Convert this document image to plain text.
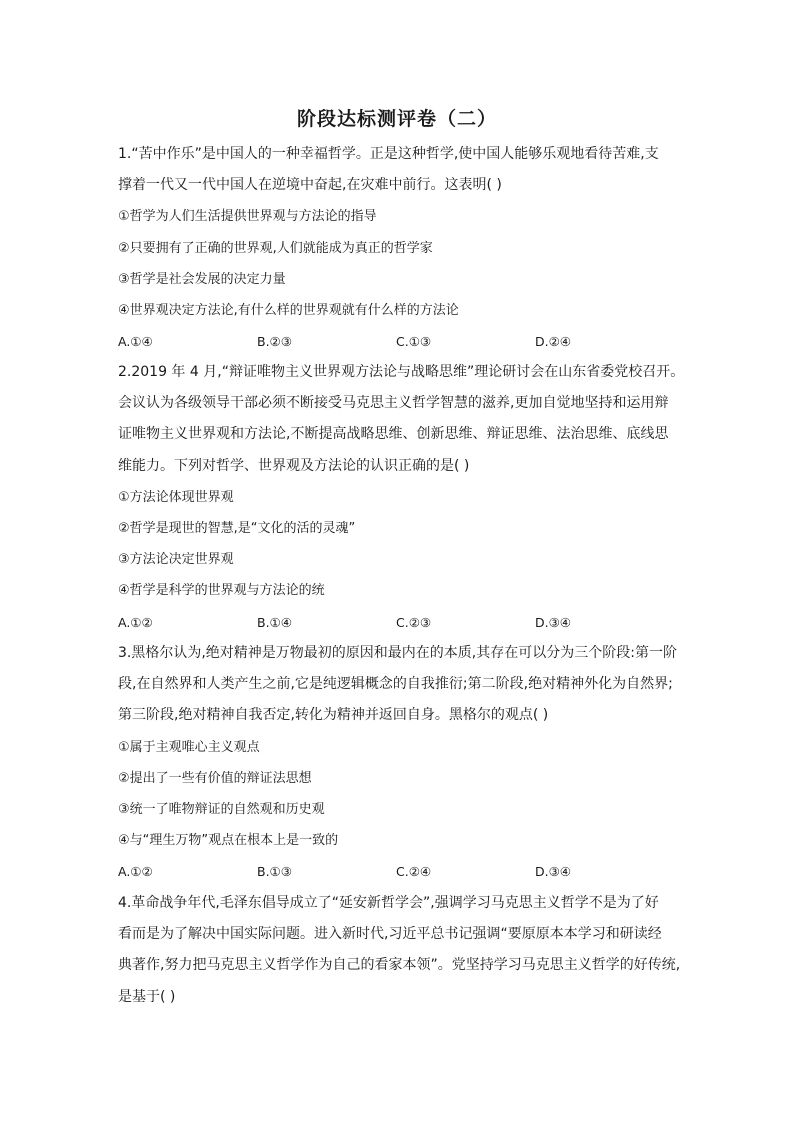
阶段达标测评卷（二）
1.“苦中作乐”是中国人的一种幸福哲学。正是这种哲学,使中国人能够乐观地看待苦难,支
撑着一代又一代中国人在逆境中奋起,在灾难中前行。这表明( )
①哲学为人们生活提供世界观与方法论的指导
②只要拥有了正确的世界观,人们就能成为真正的哲学家
③哲学是社会发展的决定力量
④世界观决定方法论,有什么样的世界观就有什么样的方法论
A.①④	B.②③	C.①③	D.②④
2.2019 年 4 月,“辩证唯物主义世界观方法论与战略思维”理论研讨会在山东省委党校召开。
会议认为各级领导干部必须不断接受马克思主义哲学智慧的滋养,更加自觉地坚持和运用辩
证唯物主义世界观和方法论,不断提高战略思维、创新思维、辩证思维、法治思维、底线思
维能力。下列对哲学、世界观及方法论的认识正确的是( )
①方法论体现世界观
②哲学是现世的智慧,是“文化的活的灵魂”
③方法论决定世界观
④哲学是科学的世界观与方法论的统
A.①②	B.①④	C.②③	D.③④
3.黑格尔认为,绝对精神是万物最初的原因和最内在的本质,其存在可以分为三个阶段:第一阶
段,在自然界和人类产生之前,它是纯逻辑概念的自我推衍;第二阶段,绝对精神外化为自然界;
第三阶段,绝对精神自我否定,转化为精神并返回自身。黑格尔的观点( )
①属于主观唯心主义观点
②提出了一些有价值的辩证法思想
③统一了唯物辩证的自然观和历史观
④与“理生万物”观点在根本上是一致的
A.①②	B.①③	C.②④	D.③④
4.革命战争年代,毛泽东倡导成立了“延安新哲学会”,强调学习马克思主义哲学不是为了好
看而是为了解决中国实际问题。进入新时代,习近平总书记强调“要原原本本学习和研读经
典著作,努力把马克思主义哲学作为自己的看家本领”。党坚持学习马克思主义哲学的好传统,
是基于( )
